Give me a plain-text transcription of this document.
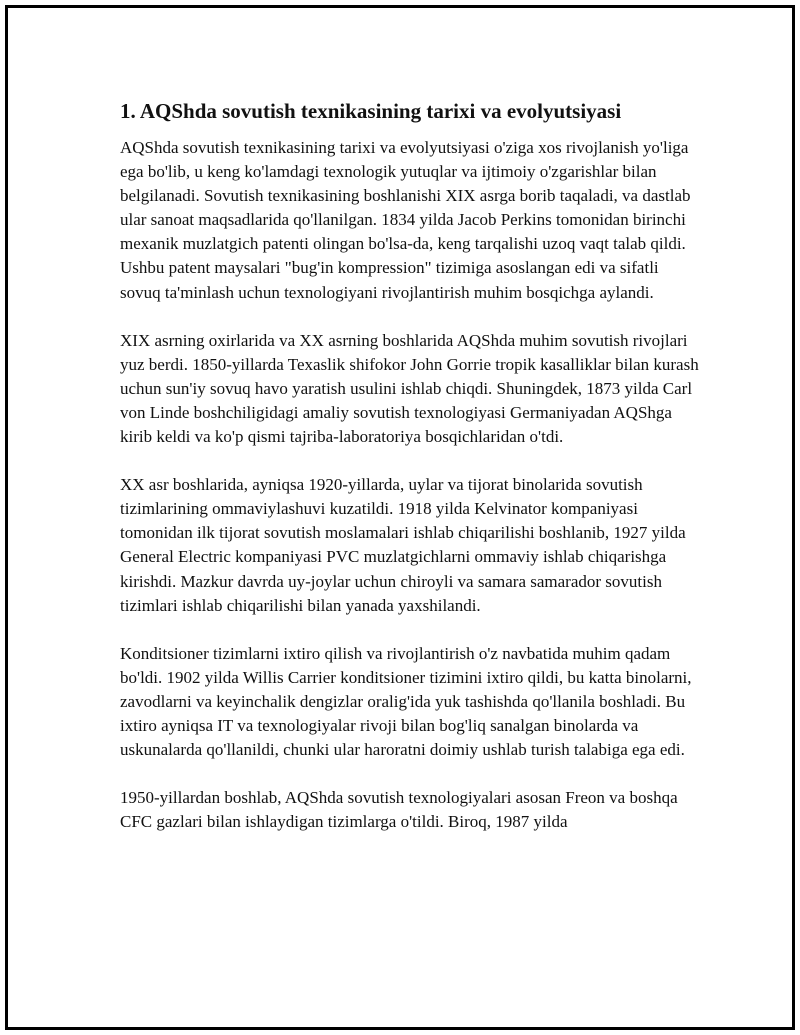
1. AQShda sovutish texnikasining tarixi va evolyutsiyasi

AQShda sovutish texnikasining tarixi va evolyutsiyasi o'ziga xos rivojlanish yo'liga ega bo'lib, u keng ko'lamdagi texnologik yutuqlar va ijtimoiy o'zgarishlar bilan belgilanadi. Sovutish texnikasining boshlanishi XIX asrga borib taqaladi, va dastlab ular sanoat maqsadlarida qo'llanilgan. 1834 yilda Jacob Perkins tomonidan birinchi mexanik muzlatgich patenti olingan bo'lsa-da, keng tarqalishi uzoq vaqt talab qildi. Ushbu patent maysalari "bug'in kompression" tizimiga asoslangan edi va sifatli sovuq ta'minlash uchun texnologiyani rivojlantirish muhim bosqichga aylandi.

XIX asrning oxirlarida va XX asrning boshlarida AQShda muhim sovutish rivojlari yuz berdi. 1850-yillarda Texaslik shifokor John Gorrie tropik kasalliklar bilan kurash uchun sun'iy sovuq havo yaratish usulini ishlab chiqdi. Shuningdek, 1873 yilda Carl von Linde boshchiligidagi amaliy sovutish texnologiyasi Germaniyadan AQShga kirib keldi va ko'p qismi tajriba-laboratoriya bosqichlaridan o'tdi.

XX asr boshlarida, ayniqsa 1920-yillarda, uylar va tijorat binolarida sovutish tizimlarining ommaviylashuvi kuzatildi. 1918 yilda Kelvinator kompaniyasi tomonidan ilk tijorat sovutish moslamalari ishlab chiqarilishi boshlanib, 1927 yilda General Electric kompaniyasi PVC muzlatgichlarni ommaviy ishlab chiqarishga kirishdi. Mazkur davrda uy-joylar uchun chiroyli va samara samarador sovutish tizimlari ishlab chiqarilishi bilan yanada yaxshilandi.

Konditsioner tizimlarni ixtiro qilish va rivojlantirish o'z navbatida muhim qadam bo'ldi. 1902 yilda Willis Carrier konditsioner tizimini ixtiro qildi, bu katta binolarni, zavodlarni va keyinchalik dengizlar oralig'ida yuk tashishda qo'llanila boshladi. Bu ixtiro ayniqsa IT va texnologiyalar rivoji bilan bog'liq sanalgan binolarda va uskunalarda qo'llanildi, chunki ular haroratni doimiy ushlab turish talabiga ega edi.

1950-yillardan boshlab, AQShda sovutish texnologiyalari asosan Freon va boshqa CFC gazlari bilan ishlaydigan tizimlarga o'tildi. Biroq, 1987 yilda
